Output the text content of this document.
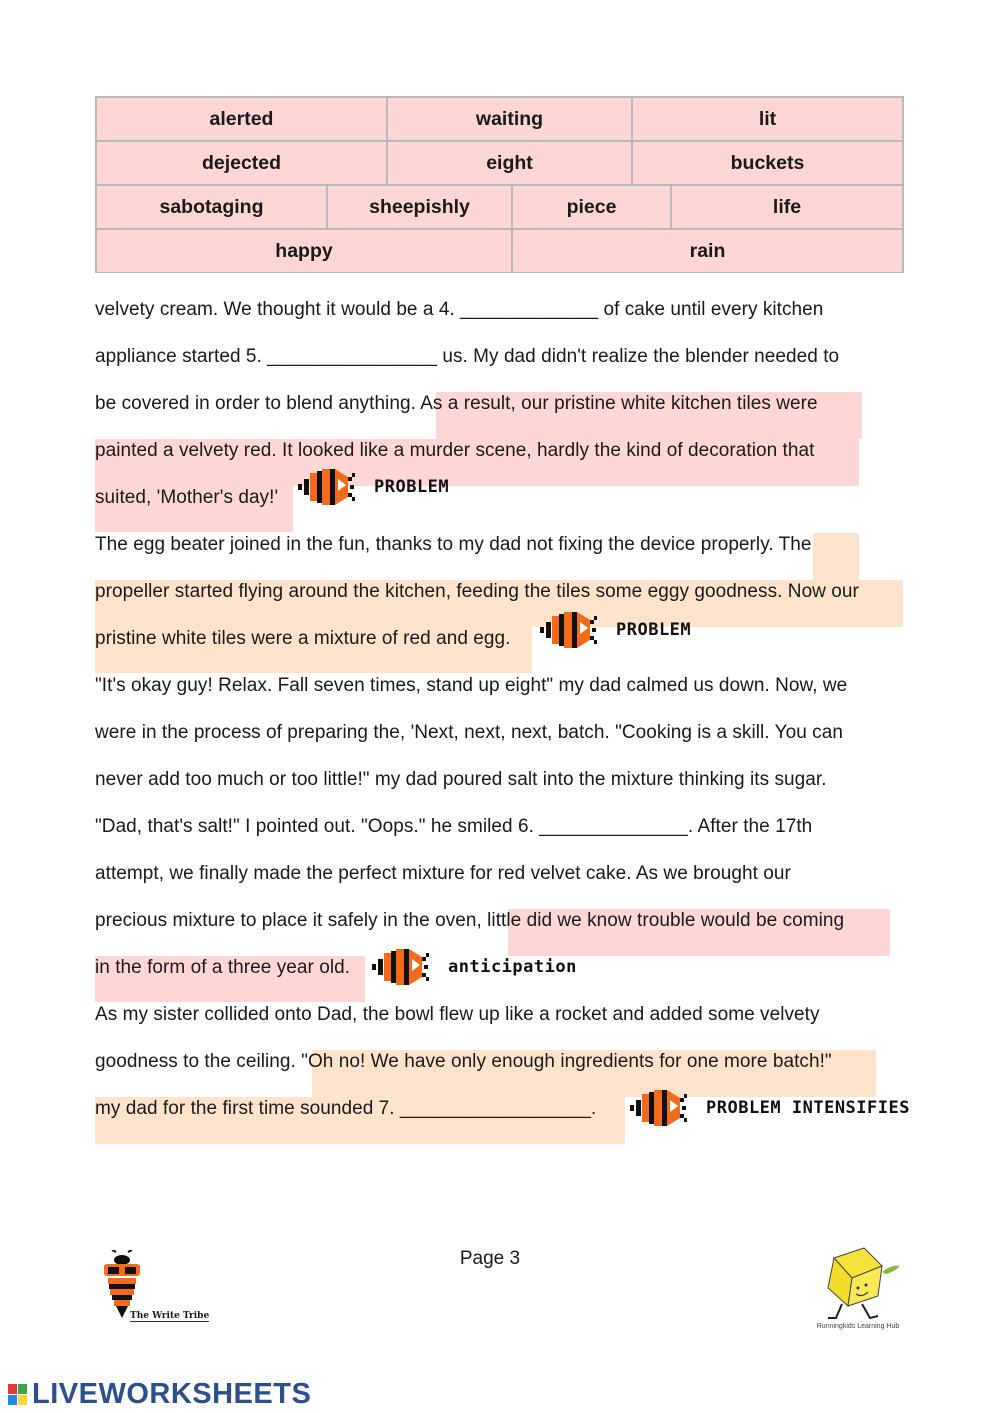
alerted	waiting	lit
dejected	eight	buckets
sabotaging	sheepishly	piece	life
happy	rain
velvety cream. We thought it would be a 4. _____________ of cake until every kitchen
appliance started 5. ________________ us. My dad didn't realize the blender needed to
be covered in order to blend anything. As a result, our pristine white kitchen tiles were
painted a velvety red. It looked like a murder scene, hardly the kind of decoration that
suited, 'Mother's day!'
The egg beater joined in the fun, thanks to my dad not fixing the device properly. The
propeller started flying around the kitchen, feeding the tiles some eggy goodness. Now our
pristine white tiles were a mixture of red and egg.
"It's okay guy! Relax. Fall seven times, stand up eight" my dad calmed us down. Now, we
were in the process of preparing the, 'Next, next, next, batch. "Cooking is a skill. You can
never add too much or too little!" my dad poured salt into the mixture thinking its sugar.
"Dad, that's salt!" I pointed out. "Oops." he smiled 6. ______________. After the 17th
attempt, we finally made the perfect mixture for red velvet cake. As we brought our
precious mixture to place it safely in the oven, little did we know trouble would be coming
in the form of a three year old.
As my sister collided onto Dad, the bowl flew up like a rocket and added some velvety
goodness to the ceiling. "Oh no! We have only enough ingredients for one more batch!"
my dad for the first time sounded 7. __________________.
PROBLEM
PROBLEM
anticipation
PROBLEM INTENSIFIES
Page 3
The Write Tribe
Runningkids Learning Hub
LIVEWORKSHEETS
